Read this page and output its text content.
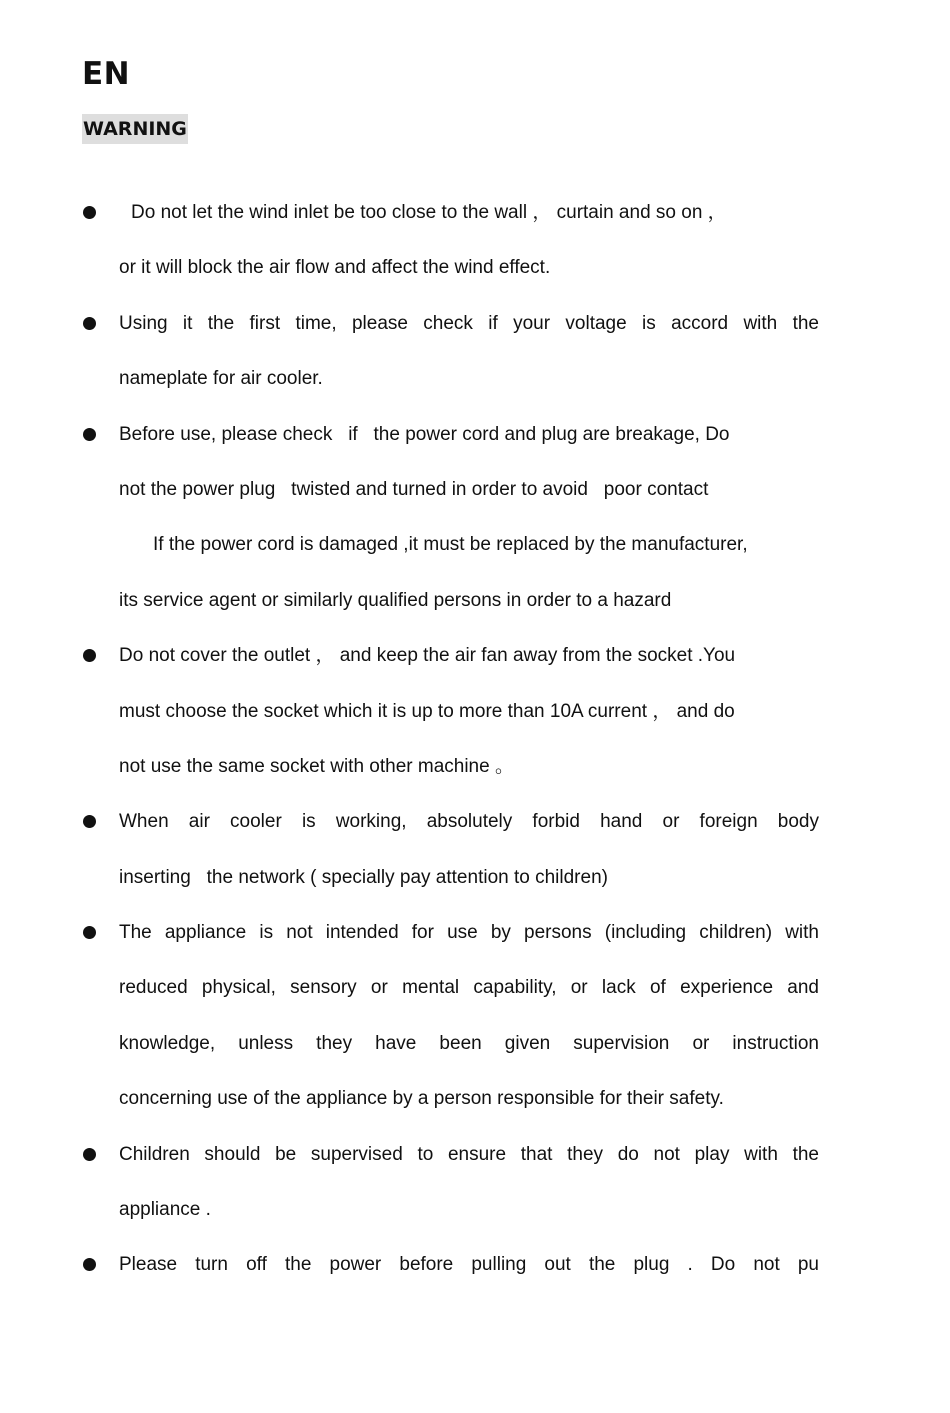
EN
WARNING
Do not let the wind inlet be too close to the wall ， curtain and so on ，
or it will block the air flow and affect the wind effect.
Using it the first time, please check if your voltage is accord with the
nameplate for air cooler.
Before use, please check   if   the power cord and plug are breakage, Do
not the power plug   twisted and turned in order to avoid   poor contact
If the power cord is damaged ,it must be replaced by the manufacturer,
its service agent or similarly qualified persons in order to a hazard
Do not cover the outlet ， and keep the air fan away from the socket .You
must choose the socket which it is up to more than 10A current ， and do
not use the same socket with other machine 。
When air cooler is working, absolutely forbid hand or foreign body
inserting   the network ( specially pay attention to children)
The appliance is not intended for use by persons (including children) with
reduced physical, sensory or mental capability, or lack of experience and
knowledge, unless they have been given supervision or instruction
concerning use of the appliance by a person responsible for their safety.
Children should be supervised to ensure that they do not play with the
appliance .
Please turn off the power before pulling out the plug . Do not pu
